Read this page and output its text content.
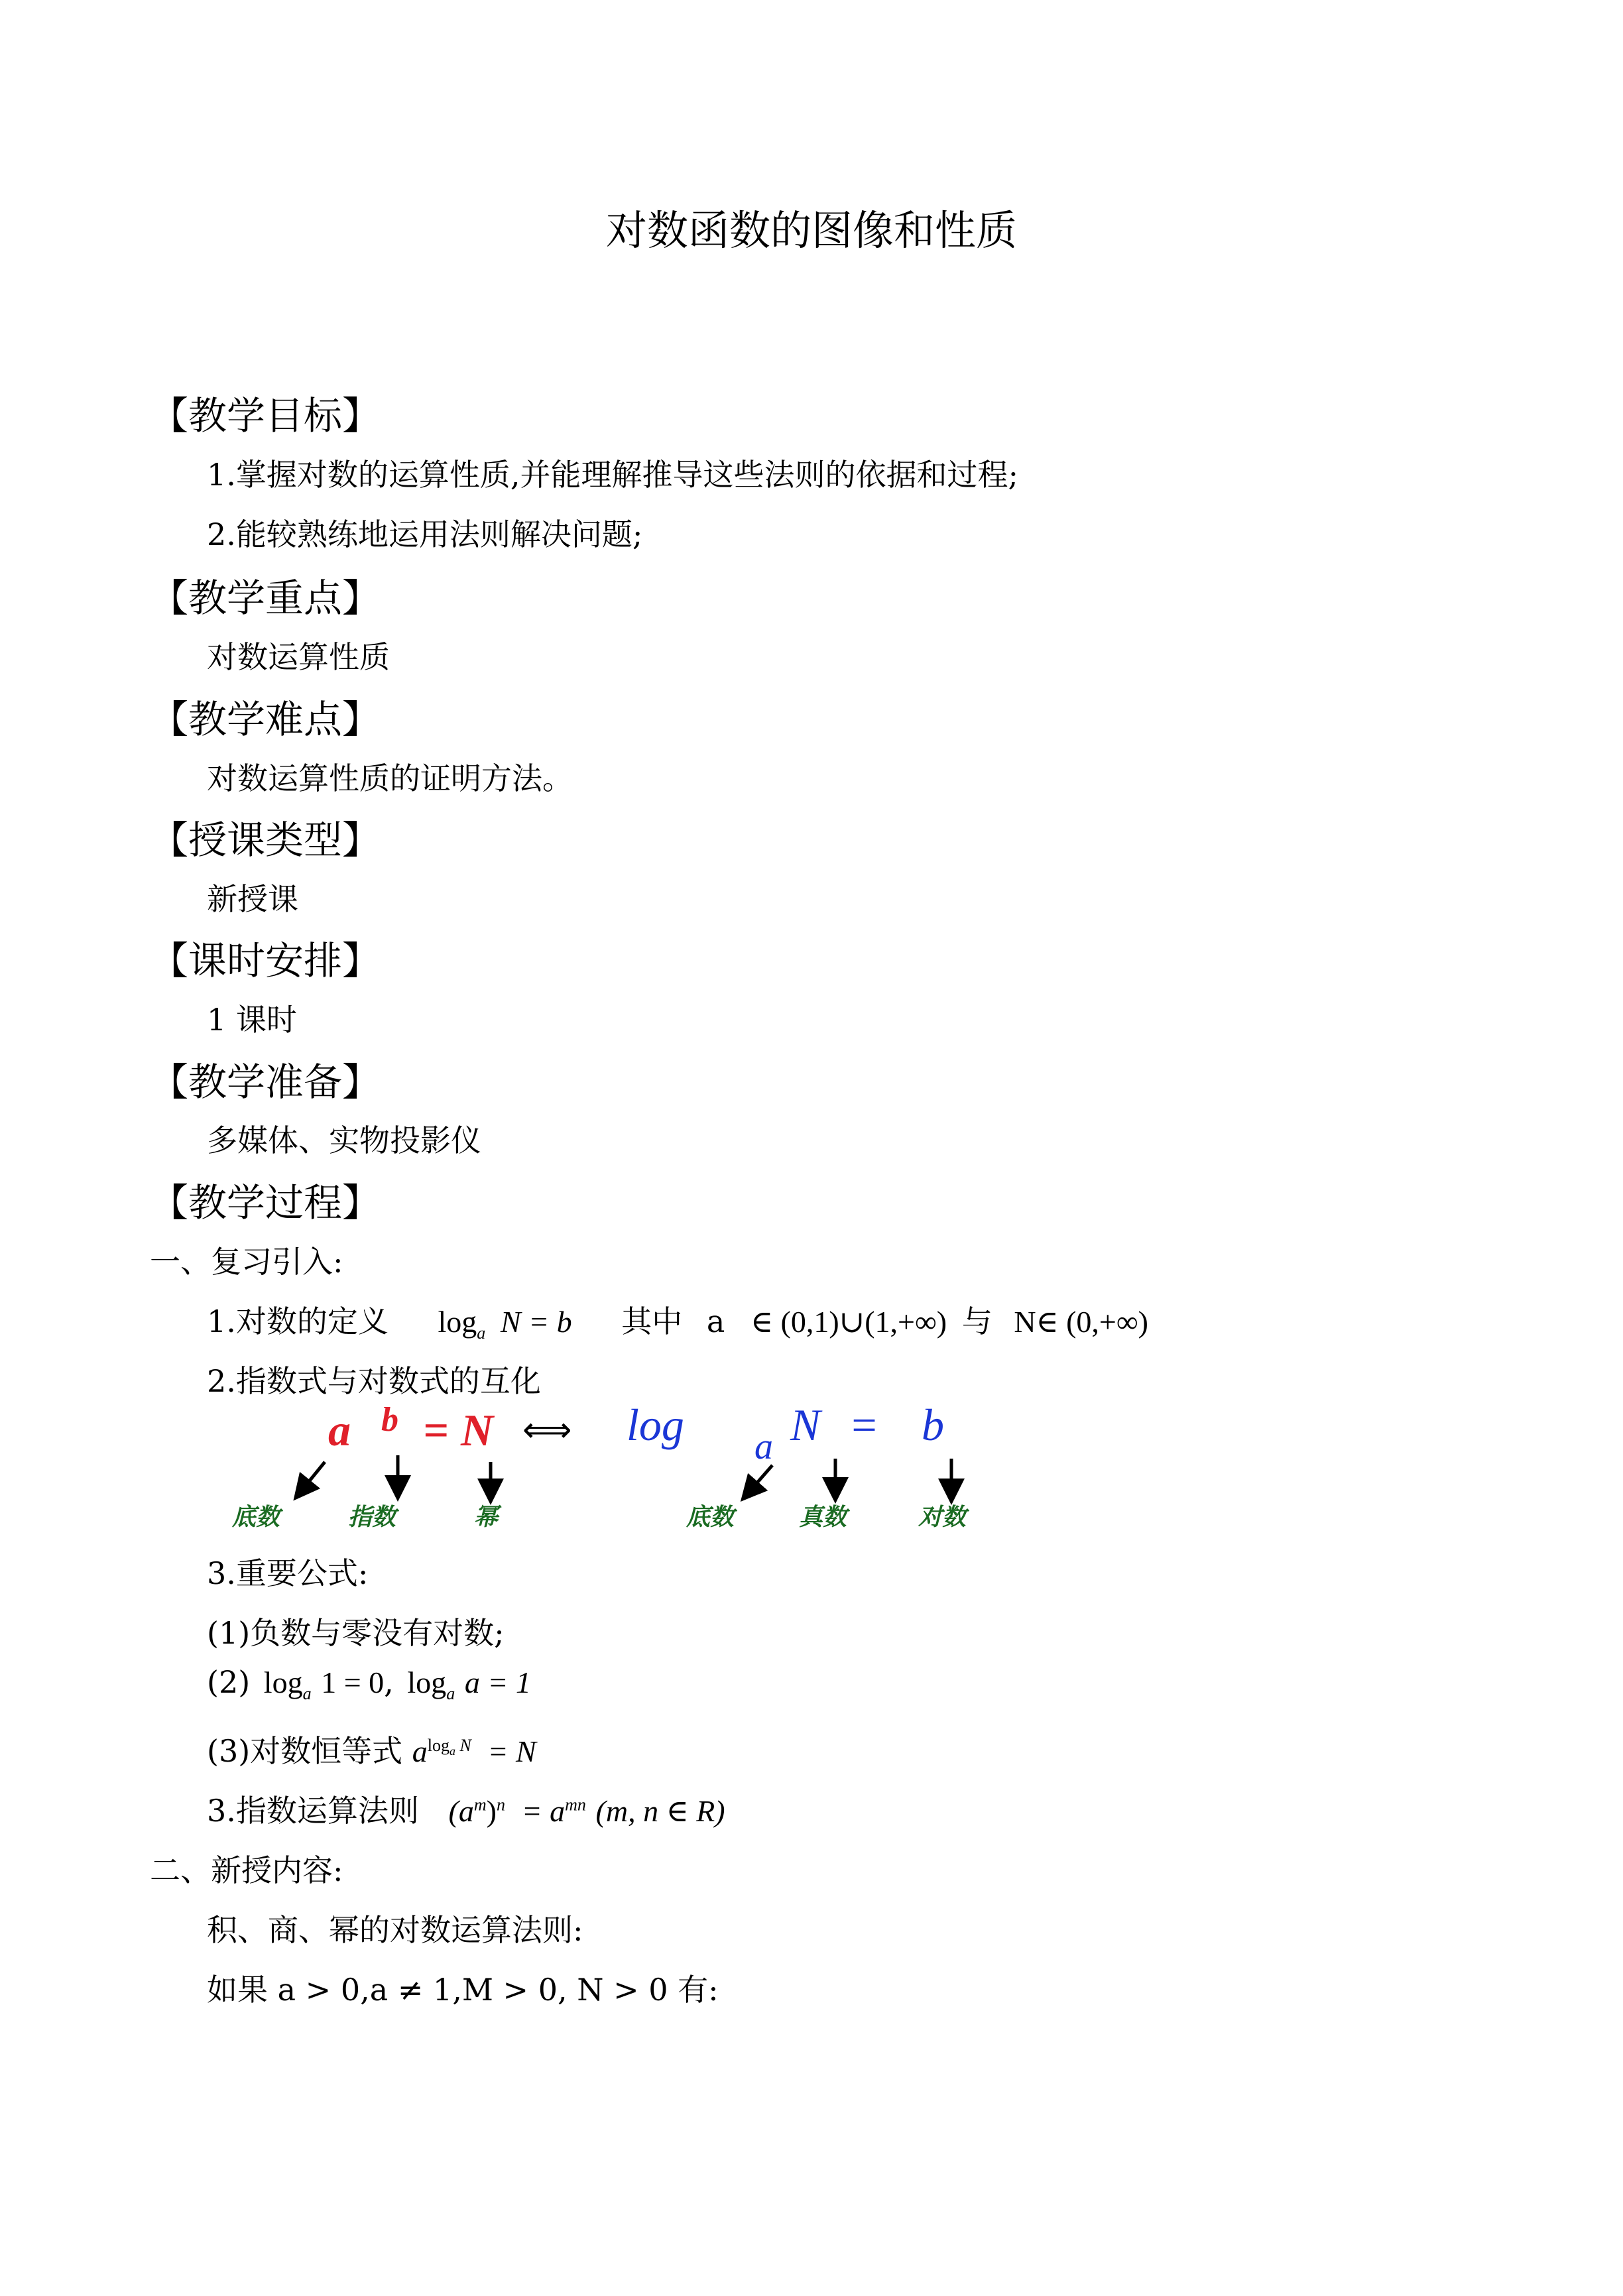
对数函数的图像和性质
【教学目标】
1.掌握对数的运算性质,并能理解推导这些法则的依据和过程;
2.能较熟练地运用法则解决问题;
【教学重点】
对数运算性质
【教学难点】
对数运算性质的证明方法。
【授课类型】
新授课
【课时安排】
1 课时
【教学准备】
多媒体、实物投影仪
【教学过程】
一、复习引入:
1.对数的定义 $\log_a N = b$ 其中 a ∈ (0,1)∪(1,+∞) 与 N∈ (0,+∞)
2.指数式与对数式的互化
a b = N ⟺ log a N = b
底数	指数	幂	底数	真数	对数
3.重要公式:
(1)负数与零没有对数;
(2) $\log_a 1 = 0$, $\log_a a = 1$
(3)对数恒等式 $a^{log_a N} = N$
3.指数运算法则 $(a^m)^n = a^{mn}$ (m, n ∈ R)
二、新授内容:
积、商、幂的对数运算法则:
如果 a > 0,a ≠ 1,M > 0, N > 0 有:
